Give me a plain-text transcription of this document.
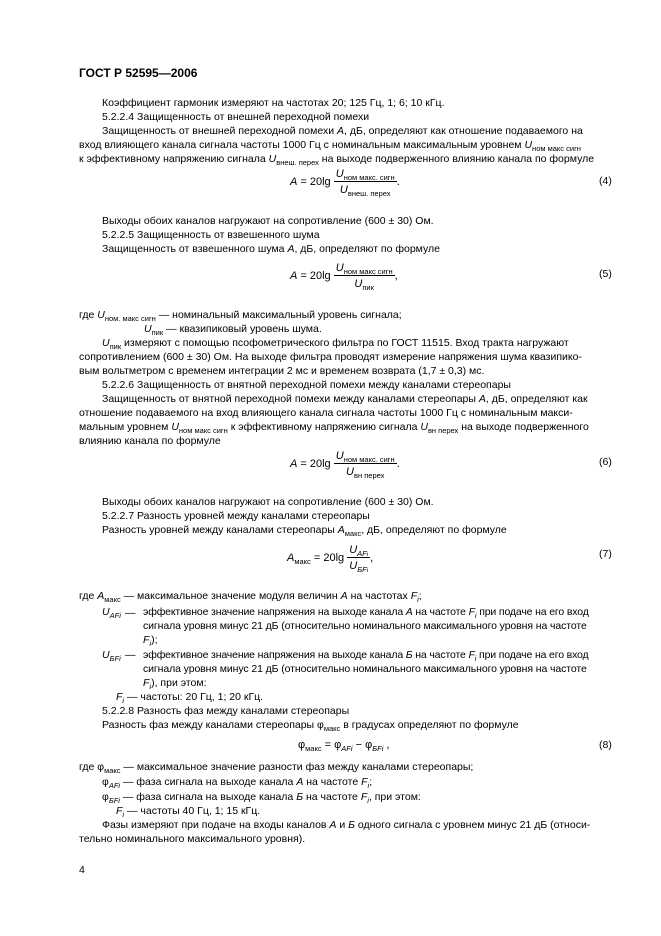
ГОСТ Р 52595—2006
Коэффициент гармоник измеряют на частотах 20; 125 Гц, 1; 6; 10 кГц.
5.2.2.4 Защищенность от внешней переходной помехи
Защищенность от внешней переходной помехи A, дБ, определяют как отношение подаваемого на
вход влияющего канала сигнала частоты 1000 Гц с номинальным максимальным уровнем $U_{ном макс сигн}$
к эффективному напряжению сигнала $U_{внеш. перех}$ на выходе подверженного влиянию канала по формуле
$A = 20\lg \frac{U_{ном макс. сигн}}{U_{внеш. перех}}$ .	(4)
Выходы обоих каналов нагружают на сопротивление (600 ± 30) Ом.
5.2.2.5 Защищенность от взвешенного шума
Защищенность от взвешенного шума A, дБ, определяют по формуле
$A = 20\lg \frac{U_{ном макс сигн}}{U_{пик}}$ ,	(5)
где $U_{ном. макс сигн}$ — номинальный максимальный уровень сигнала;
$U_{пик}$ — квазипиковый уровень шума.
$U_{пик}$ измеряют с помощью псофометрического фильтра по ГОСТ 11515. Вход тракта нагружают
сопротивлением (600 ± 30) Ом. На выходе фильтра проводят измерение напряжения шума квазипико-
вым вольтметром с временем интеграции 2 мс и временем возврата (1,7 ± 0,3) мс.
5.2.2.6 Защищенность от внятной переходной помехи между каналами стереопары
Защищенность от внятной переходной помехи между каналами стереопары A, дБ, определяют как
отношение подаваемого на вход влияющего канала сигнала частоты 1000 Гц с номинальным макси-
мальным уровнем $U_{ном макс сигн}$ к эффективному напряжению сигнала $U_{вн перех}$ на выходе подверженного
влиянию канала по формуле
$A = 20\lg \frac{U_{ном макс. сигн}}{U_{вн перех}}$ .	(6)
Выходы обоих каналов нагружают на сопротивление (600 ± 30) Ом.
5.2.2.7 Разность уровней между каналами стереопары
Разность уровней между каналами стереопары $A_{макс}$, дБ, определяют по формуле
$A_{макс} = 20\lg \frac{U_{AFi}}{U_{БFi}}$ ,	(7)
где $A_{макс}$ — максимальное значение модуля величин A на частотах $F_i$;
$U_{AFi}$ — эффективное значение напряжения на выходе канала А на частоте $F_i$ при подаче на его вход
сигнала уровня минус 21 дБ (относительно номинального максимального уровня на частоте
$F_i$);
$U_{БFi}$ — эффективное значение напряжения на выходе канала Б на частоте $F_i$ при подаче на его вход
сигнала уровня минус 21 дБ (относительно номинального максимального уровня на частоте
$F_i$), при этом:
$F_i$ — частоты: 20 Гц, 1; 20 кГц.
5.2.2.8 Разность фаз между каналами стереопары
Разность фаз между каналами стереопары $\varphi_{макс}$ в градусах определяют по формуле
$\varphi_{макс} = \varphi_{AFi} - \varphi_{БFi}$ ,	(8)
где $\varphi_{макс}$ — максимальное значение разности фаз между каналами стереопары;
$\varphi_{AFi}$ — фаза сигнала на выходе канала A на частоте $F_i$;
$\varphi_{БFi}$ — фаза сигнала на выходе канала Б на частоте $F_i$, при этом:
$F_i$ — частоты 40 Гц, 1; 15 кГц.
Фазы измеряют при подаче на входы каналов A и Б одного сигнала с уровнем минус 21 дБ (относи-
тельно номинального максимального уровня).
4
